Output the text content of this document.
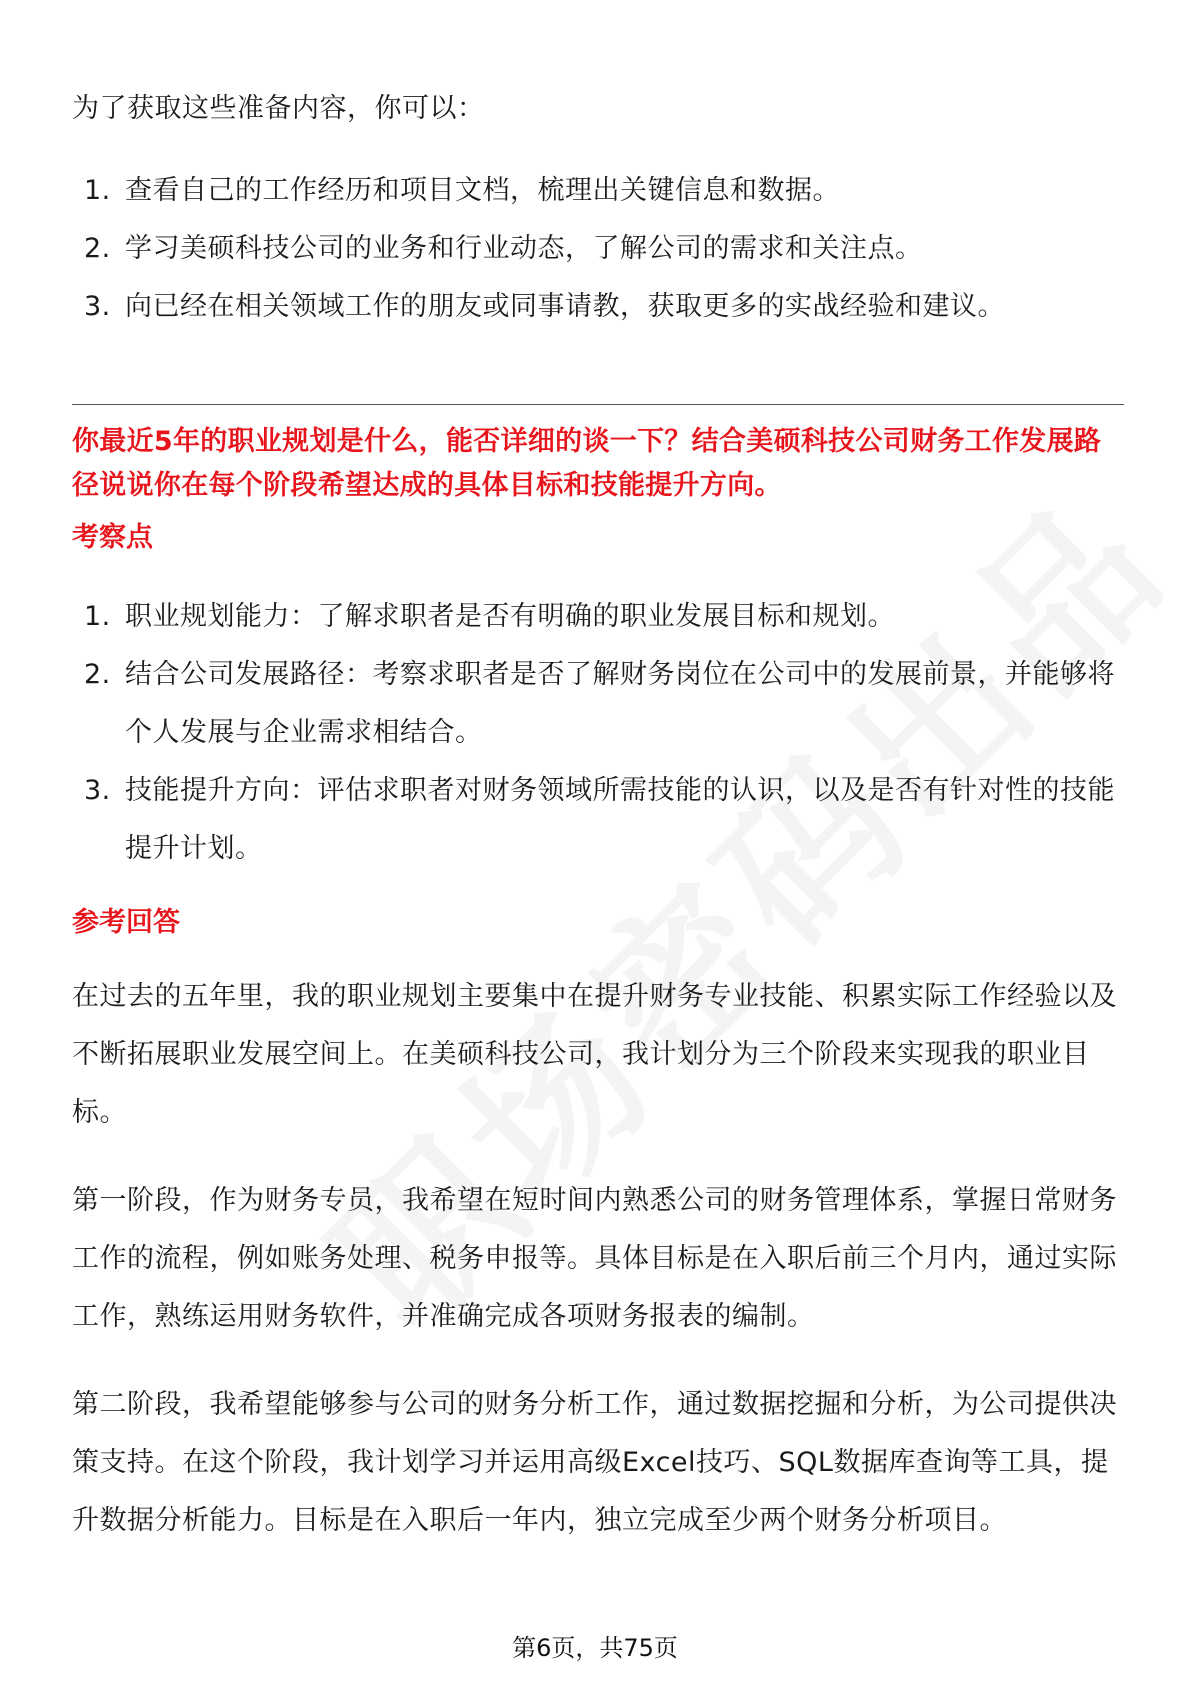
为了获取这些准备内容，你可以：

1. 查看自己的工作经历和项目文档，梳理出关键信息和数据。
2. 学习美硕科技公司的业务和行业动态，了解公司的需求和关注点。
3. 向已经在相关领域工作的朋友或同事请教，获取更多的实战经验和建议。

你最近5年的职业规划是什么，能否详细的谈一下？结合美硕科技公司财务工作发展路径说说你在每个阶段希望达成的具体目标和技能提升方向。

考察点

1. 职业规划能力：了解求职者是否有明确的职业发展目标和规划。
2. 结合公司发展路径：考察求职者是否了解财务岗位在公司中的发展前景，并能够将个人发展与企业需求相结合。
3. 技能提升方向：评估求职者对财务领域所需技能的认识，以及是否有针对性的技能提升计划。

参考回答

在过去的五年里，我的职业规划主要集中在提升财务专业技能、积累实际工作经验以及不断拓展职业发展空间上。在美硕科技公司，我计划分为三个阶段来实现我的职业目标。

第一阶段，作为财务专员，我希望在短时间内熟悉公司的财务管理体系，掌握日常财务工作的流程，例如账务处理、税务申报等。具体目标是在入职后前三个月内，通过实际工作，熟练运用财务软件，并准确完成各项财务报表的编制。

第二阶段，我希望能够参与公司的财务分析工作，通过数据挖掘和分析，为公司提供决策支持。在这个阶段，我计划学习并运用高级Excel技巧、SQL数据库查询等工具，提升数据分析能力。目标是在入职后一年内，独立完成至少两个财务分析项目。

第6页，共75页
